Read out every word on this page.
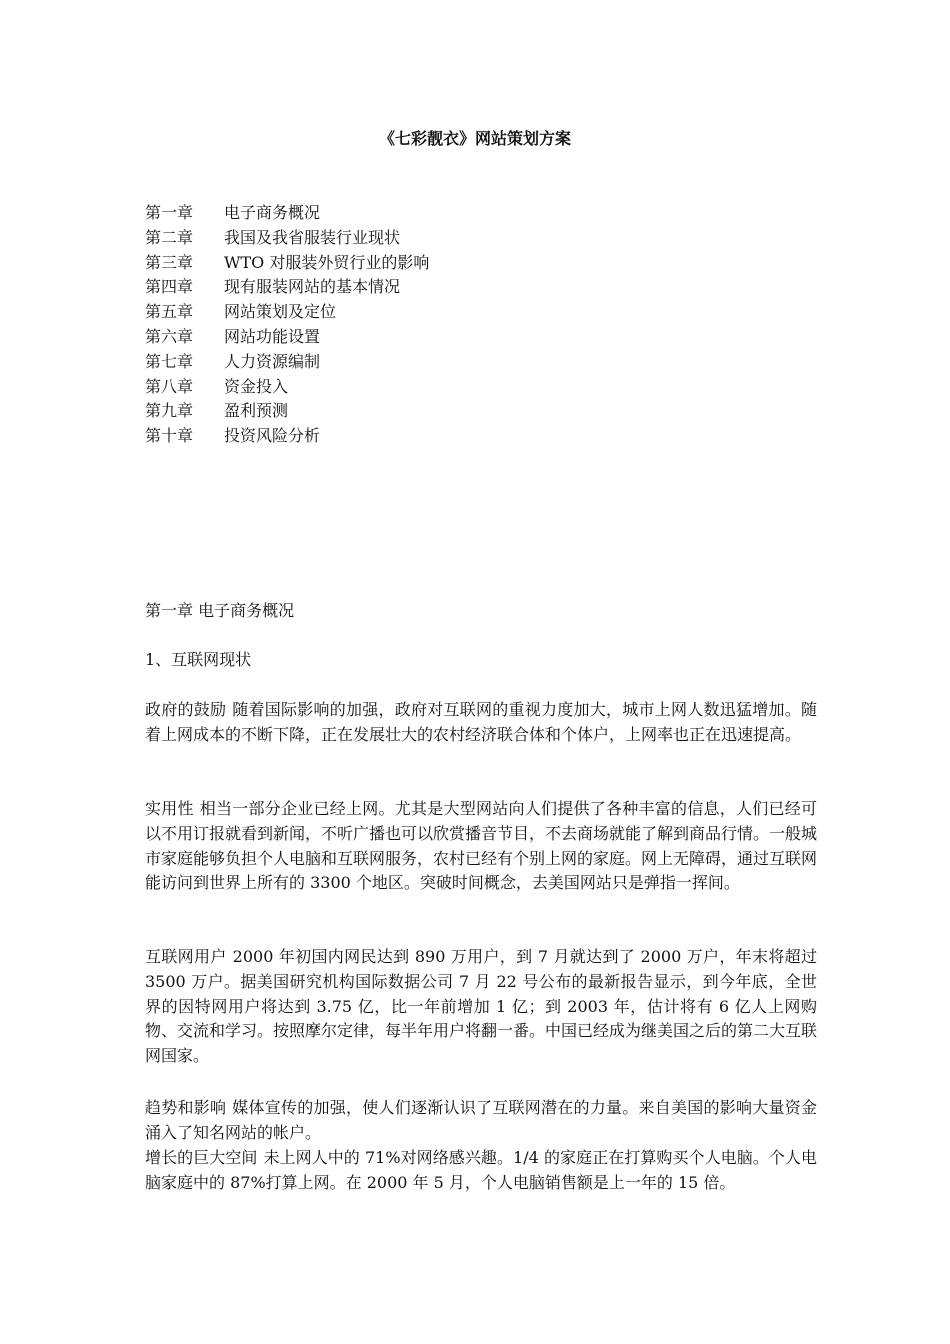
《七彩靓衣》网站策划方案
第一章	电子商务概况
第二章	我国及我省服装行业现状
第三章	WTO 对服装外贸行业的影响
第四章	现有服装网站的基本情况
第五章	网站策划及定位
第六章	网站功能设置
第七章	人力资源编制
第八章	资金投入
第九章	盈利预测
第十章	投资风险分析
第一章 电子商务概况
1、互联网现状

政府的鼓励 随着国际影响的加强，政府对互联网的重视力度加大，城市上网人数迅猛增加。随着上网成本的不断下降，正在发展壮大的农村经济联合体和个体户，上网率也正在迅速提高。

实用性 相当一部分企业已经上网。尤其是大型网站向人们提供了各种丰富的信息，人们已经可以不用订报就看到新闻，不听广播也可以欣赏播音节目，不去商场就能了解到商品行情。一般城市家庭能够负担个人电脑和互联网服务，农村已经有个别上网的家庭。网上无障碍，通过互联网能访问到世界上所有的 3300 个地区。突破时间概念，去美国网站只是弹指一挥间。

互联网用户 2000 年初国内网民达到 890 万用户，到 7 月就达到了 2000 万户，年末将超过 3500 万户。据美国研究机构国际数据公司 7 月 22 号公布的最新报告显示，到今年底，全世界的因特网用户将达到 3.75 亿，比一年前增加 1 亿；到 2003 年，估计将有 6 亿人上网购物、交流和学习。按照摩尔定律，每半年用户将翻一番。中国已经成为继美国之后的第二大互联网国家。

趋势和影响 媒体宣传的加强，使人们逐渐认识了互联网潜在的力量。来自美国的影响大量资金涌入了知名网站的帐户。

增长的巨大空间 未上网人中的 71%对网络感兴趣。1/4 的家庭正在打算购买个人电脑。个人电脑家庭中的 87%打算上网。在 2000 年 5 月，个人电脑销售额是上一年的 15 倍。
